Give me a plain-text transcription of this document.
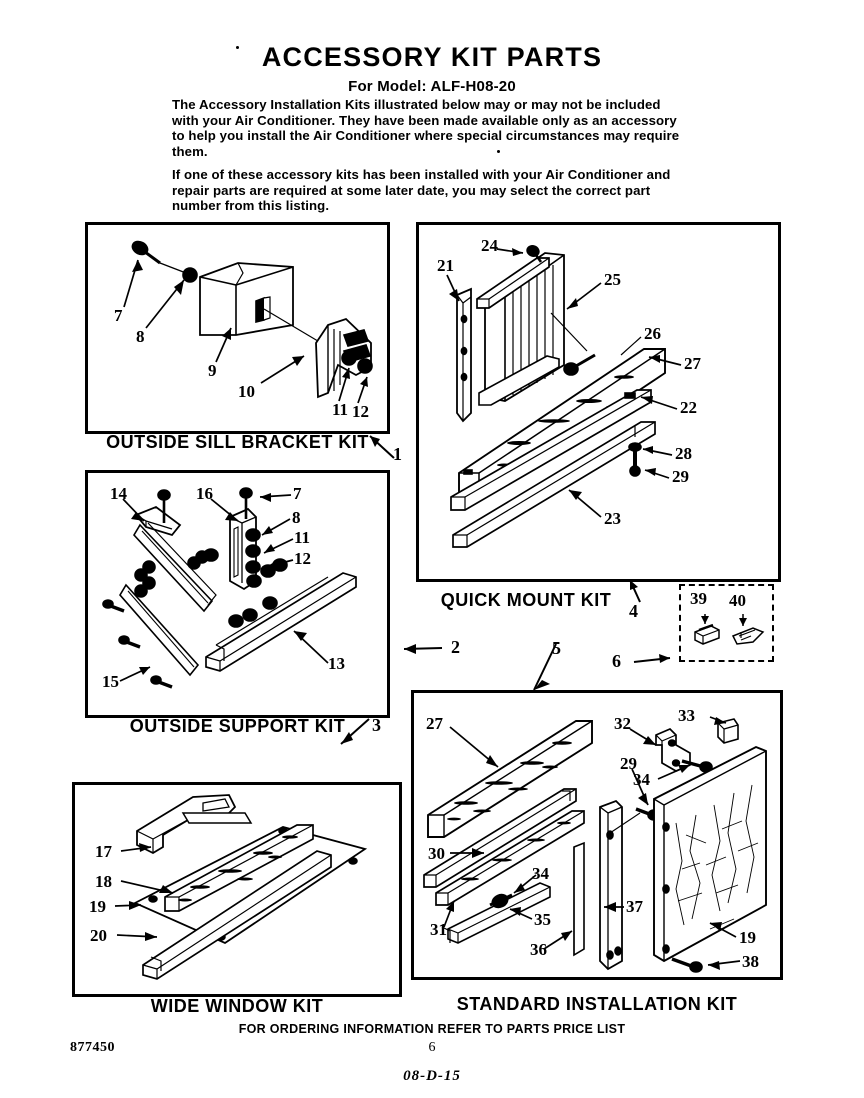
ACCESSORY KIT PARTS
For Model: ALF-H08-20
The Accessory Installation Kits illustrated below may or may not be included with your Air Conditioner. They have been made available only as an accessory to help you install the Air Conditioner where special circumstances may require them.
If one of these accessory kits has been installed with your Air Conditioner and repair parts are required at some later date, you may select the correct part number from this listing.
7
8
9
10
11 12
OUTSIDE SILL BRACKET KIT
1
21
24
25
26
27
22
28
29
23
QUICK MOUNT KIT
4
39 40
6
14	16	7
8
11
12
15
13
OUTSIDE SUPPORT KIT	3
2
17
18
19
20
WIDE WINDOW KIT
27	32	33
29
34
30
34
31
35
36
37
19
38
STANDARD INSTALLATION KIT
5
FOR ORDERING INFORMATION REFER TO PARTS PRICE LIST
877450	6
08-D-15
